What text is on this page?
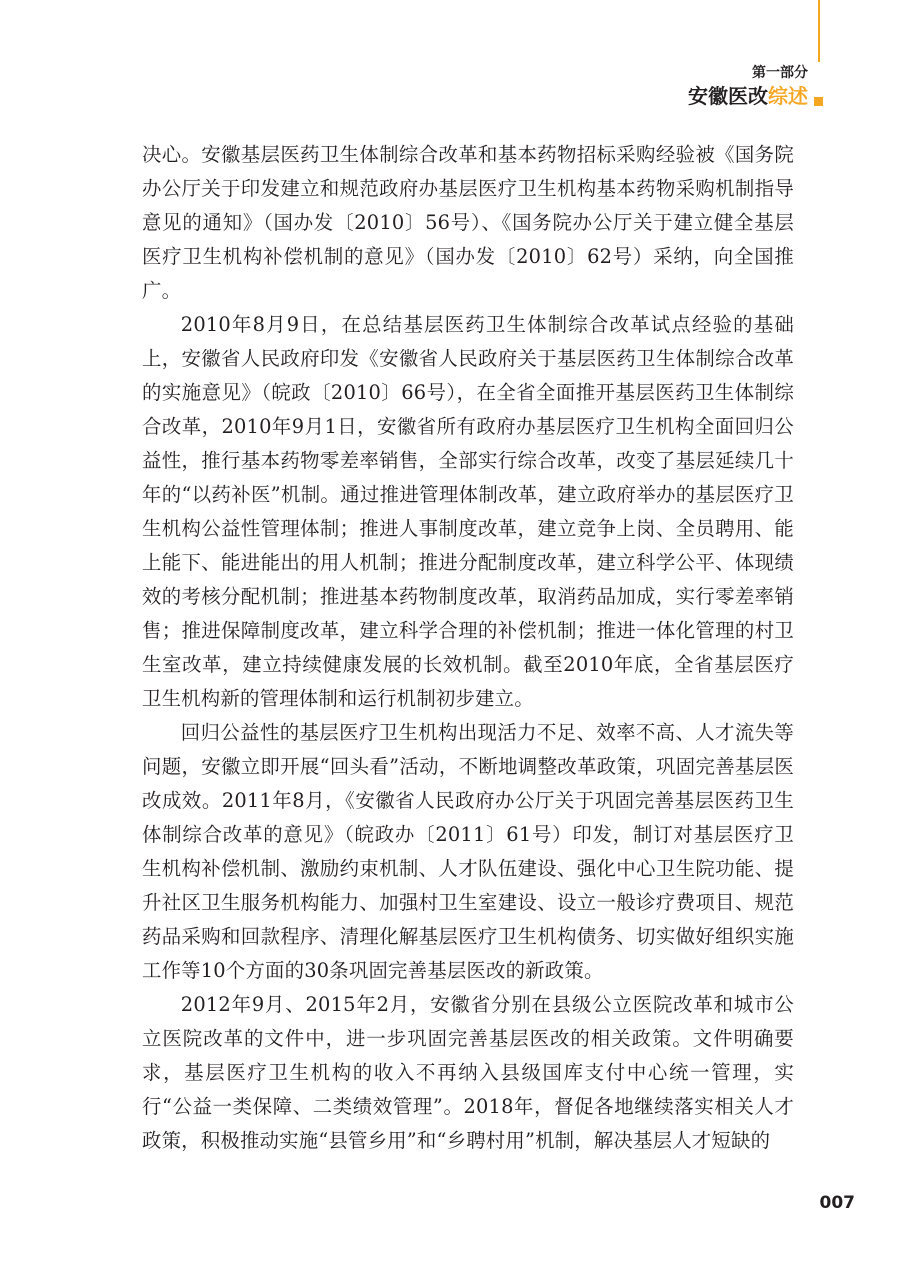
第一部分
安徽医改综述

决心。安徽基层医药卫生体制综合改革和基本药物招标采购经验被《国务院办公厅关于印发建立和规范政府办基层医疗卫生机构基本药物采购机制指导意见的通知》（国办发〔2010〕56号）、《国务院办公厅关于建立健全基层医疗卫生机构补偿机制的意见》（国办发〔2010〕62号）采纳，向全国推广。

2010年8月9日，在总结基层医药卫生体制综合改革试点经验的基础上，安徽省人民政府印发《安徽省人民政府关于基层医药卫生体制综合改革的实施意见》（皖政〔2010〕66号），在全省全面推开基层医药卫生体制综合改革，2010年9月1日，安徽省所有政府办基层医疗卫生机构全面回归公益性，推行基本药物零差率销售，全部实行综合改革，改变了基层延续几十年的“以药补医”机制。通过推进管理体制改革，建立政府举办的基层医疗卫生机构公益性管理体制；推进人事制度改革，建立竞争上岗、全员聘用、能上能下、能进能出的用人机制；推进分配制度改革，建立科学公平、体现绩效的考核分配机制；推进基本药物制度改革，取消药品加成，实行零差率销售；推进保障制度改革，建立科学合理的补偿机制；推进一体化管理的村卫生室改革，建立持续健康发展的长效机制。截至2010年底，全省基层医疗卫生机构新的管理体制和运行机制初步建立。

回归公益性的基层医疗卫生机构出现活力不足、效率不高、人才流失等问题，安徽立即开展“回头看”活动，不断地调整改革政策，巩固完善基层医改成效。2011年8月，《安徽省人民政府办公厅关于巩固完善基层医药卫生体制综合改革的意见》（皖政办〔2011〕61号）印发，制订对基层医疗卫生机构补偿机制、激励约束机制、人才队伍建设、强化中心卫生院功能、提升社区卫生服务机构能力、加强村卫生室建设、设立一般诊疗费项目、规范药品采购和回款程序、清理化解基层医疗卫生机构债务、切实做好组织实施工作等10个方面的30条巩固完善基层医改的新政策。

2012年9月、2015年2月，安徽省分别在县级公立医院改革和城市公立医院改革的文件中，进一步巩固完善基层医改的相关政策。文件明确要求，基层医疗卫生机构的收入不再纳入县级国库支付中心统一管理，实行“公益一类保障、二类绩效管理”。2018年，督促各地继续落实相关人才政策，积极推动实施“县管乡用”和“乡聘村用”机制，解决基层人才短缺的

007
